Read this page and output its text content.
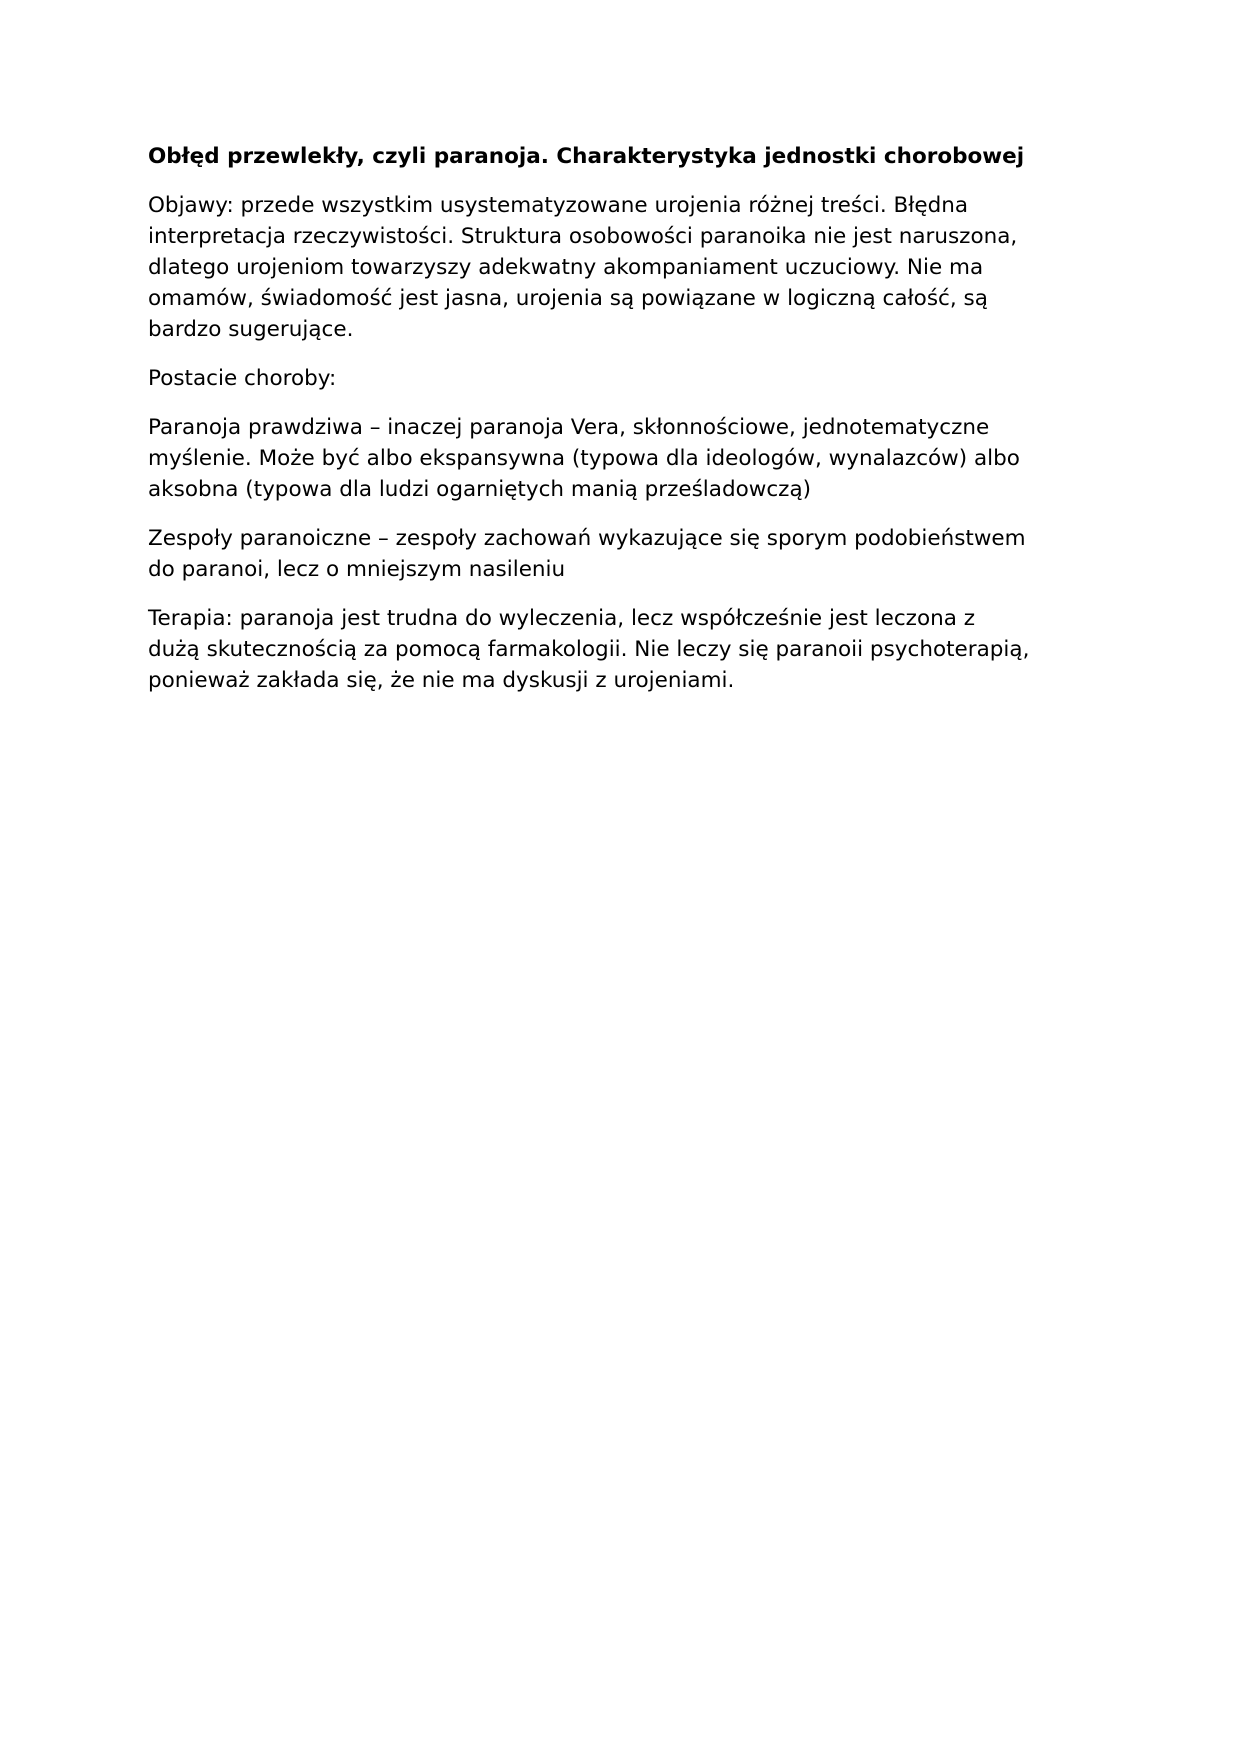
Obłęd przewlekły, czyli paranoja. Charakterystyka jednostki chorobowej

Objawy: przede wszystkim usystematyzowane urojenia różnej treści. Błędna
interpretacja rzeczywistości. Struktura osobowości paranoika nie jest naruszona,
dlatego urojeniom towarzyszy adekwatny akompaniament uczuciowy. Nie ma
omamów, świadomość jest jasna, urojenia są powiązane w logiczną całość, są
bardzo sugerujące.

Postacie choroby:

Paranoja prawdziwa – inaczej paranoja Vera, skłonnościowe, jednotematyczne
myślenie. Może być albo ekspansywna (typowa dla ideologów, wynalazców) albo
aksobna (typowa dla ludzi ogarniętych manią prześladowczą)

Zespoły paranoiczne – zespoły zachowań wykazujące się sporym podobieństwem
do paranoi, lecz o mniejszym nasileniu

Terapia: paranoja jest trudna do wyleczenia, lecz współcześnie jest leczona z
dużą skutecznością za pomocą farmakologii. Nie leczy się paranoii psychoterapią,
ponieważ zakłada się, że nie ma dyskusji z urojeniami.
